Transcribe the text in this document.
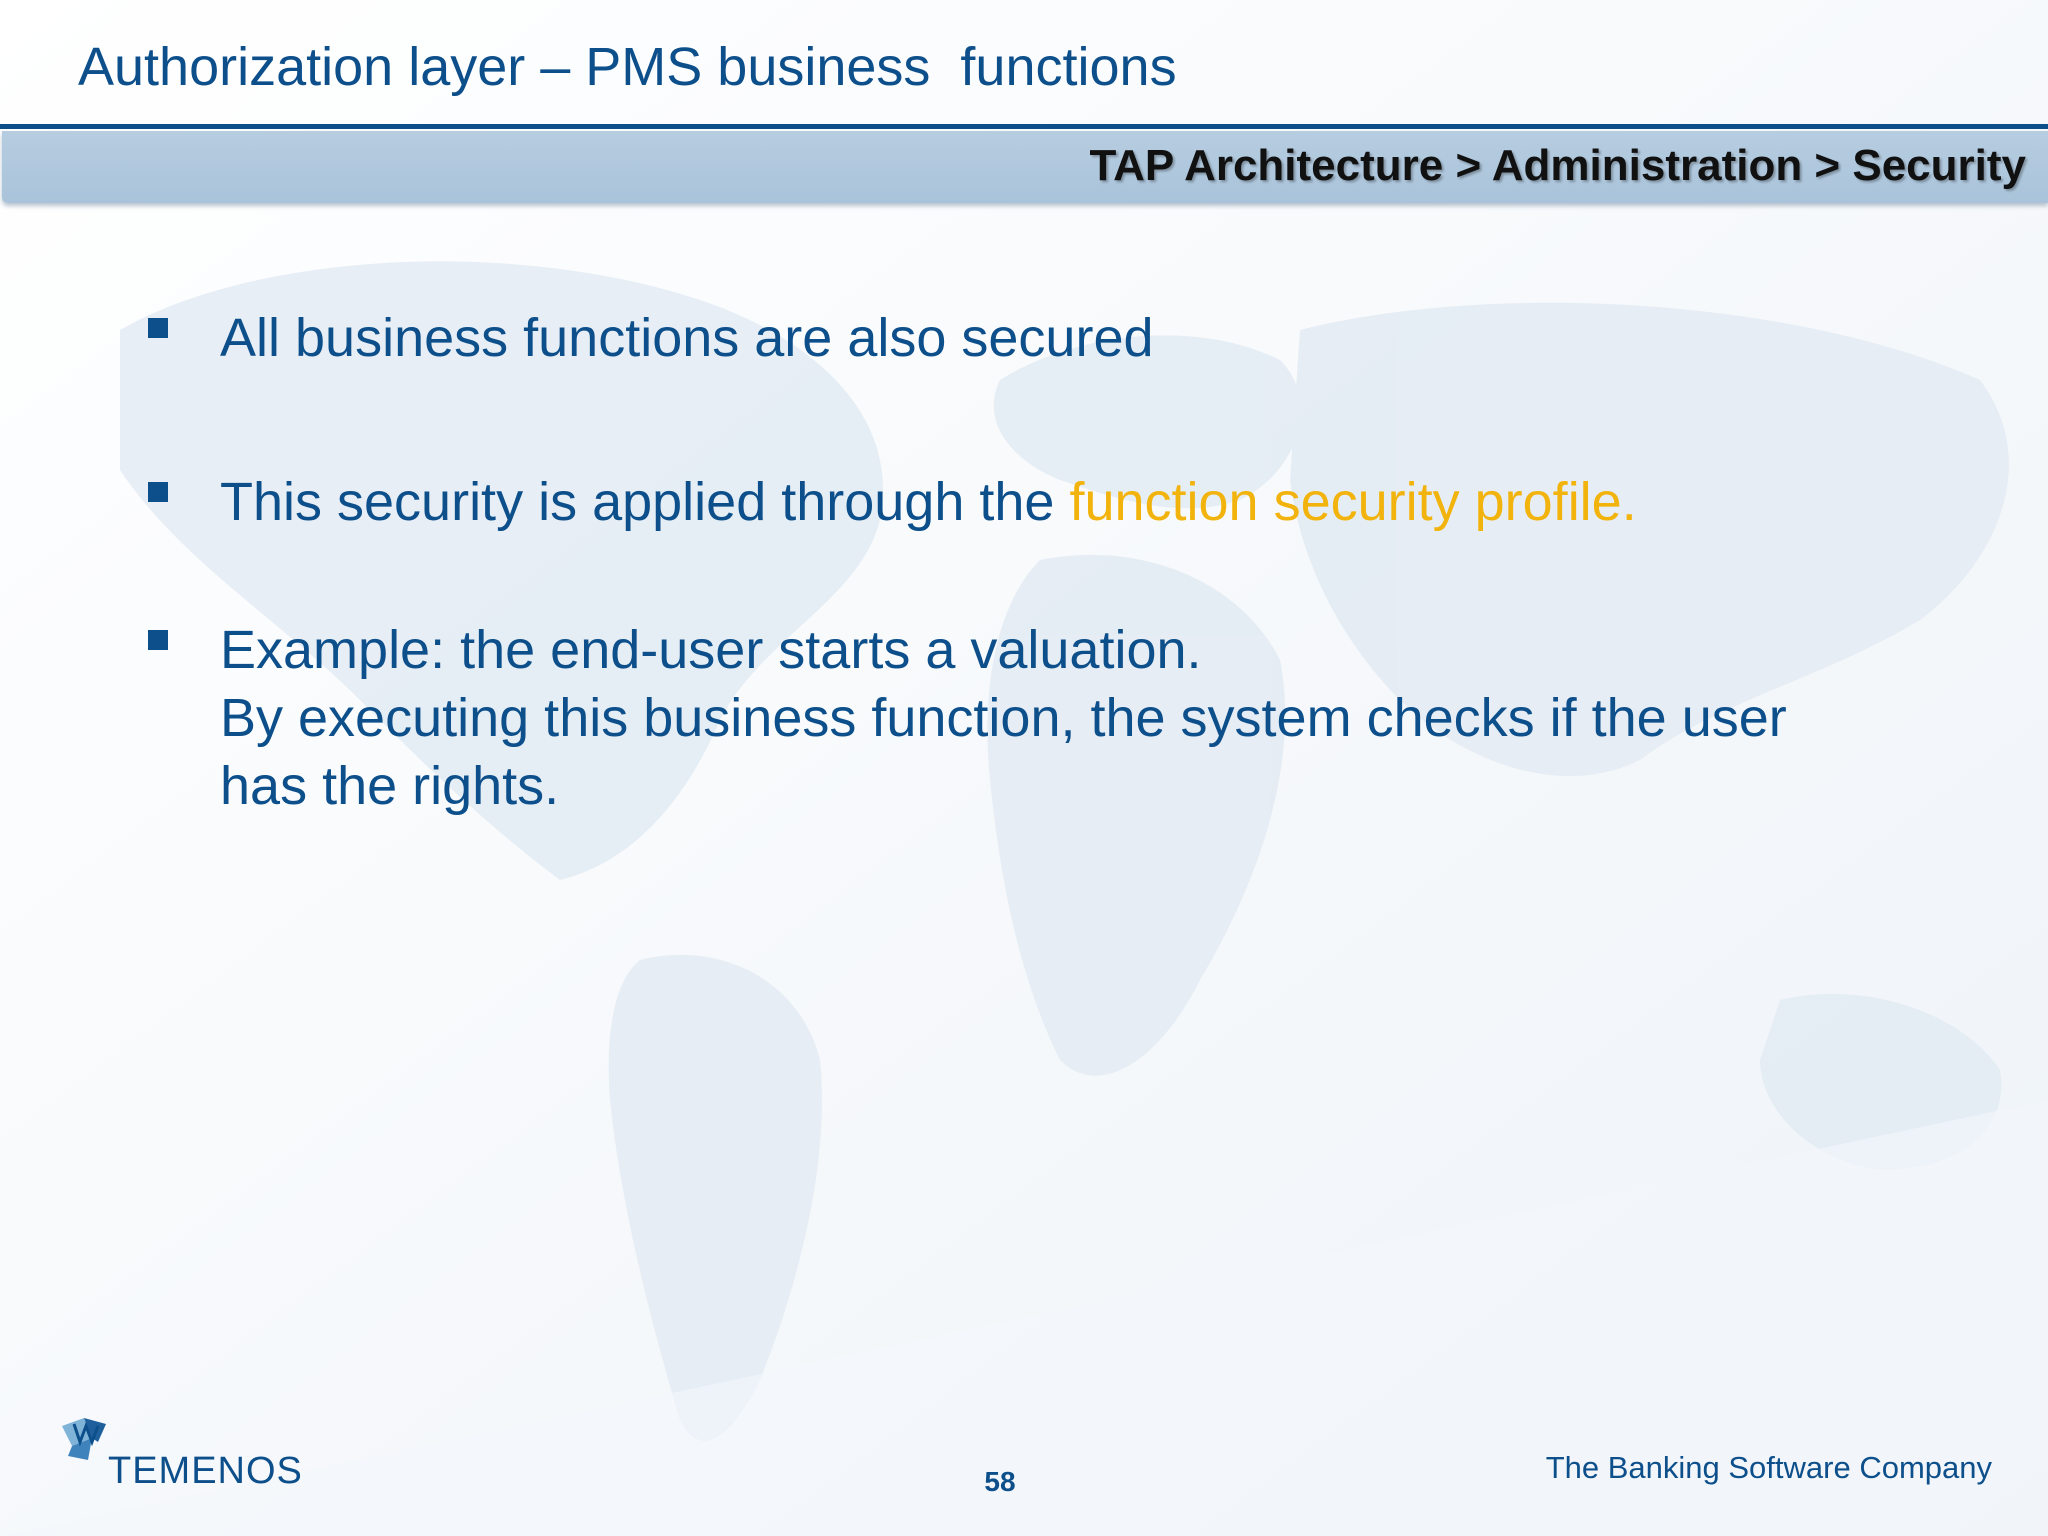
Authorization layer – PMS business  functions
TAP Architecture > Administration > Security
All business functions are also secured
This security is applied through the function security profile.
Example: the end-user starts a valuation.
By executing this business function, the system checks if the user
has the rights.
TEMENOS	58	The Banking Software Company
